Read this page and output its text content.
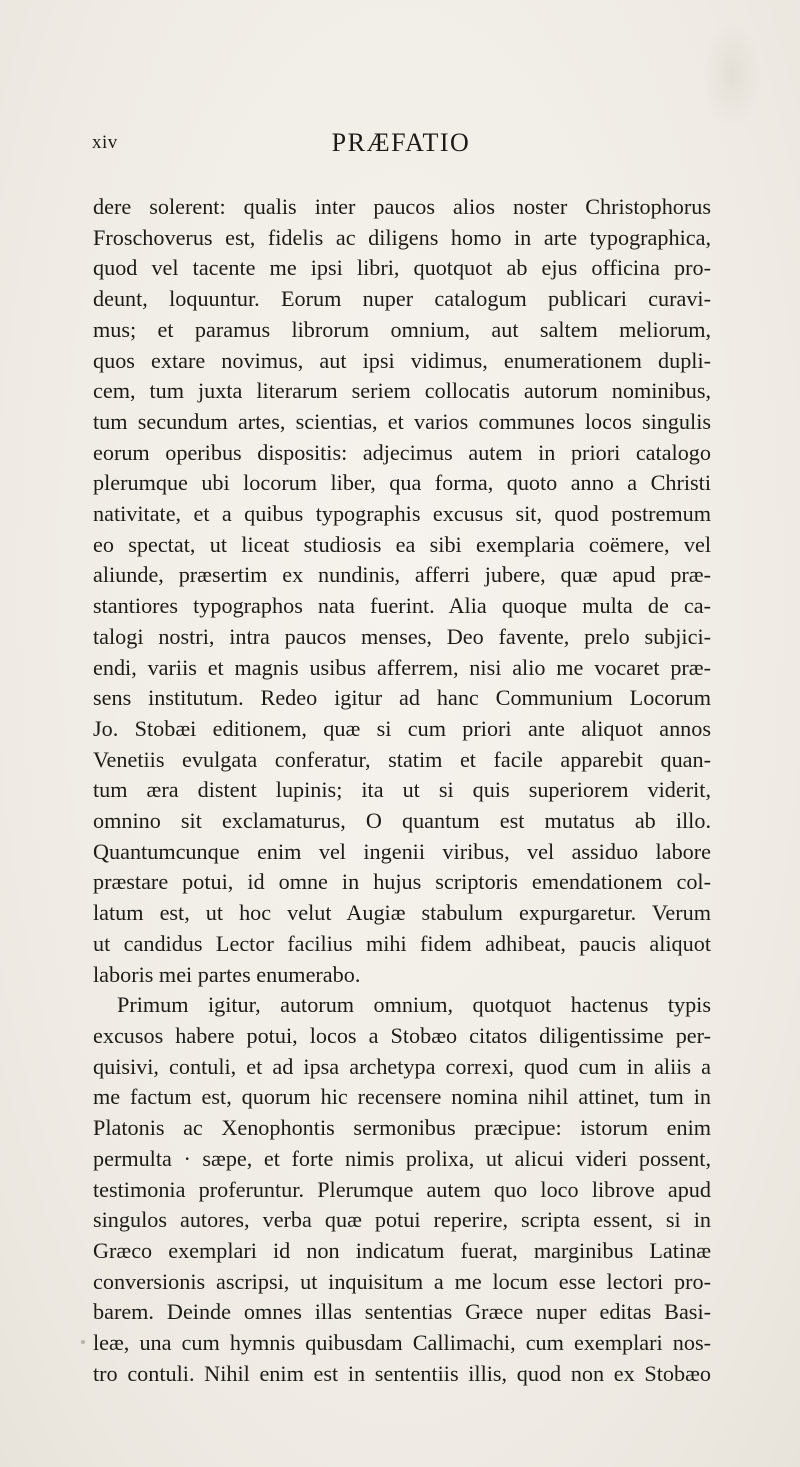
xiv	PRÆFATIO
dere solerent: qualis inter paucos alios noster Christophorus
Froschoverus est, fidelis ac diligens homo in arte typographica,
quod vel tacente me ipsi libri, quotquot ab ejus officina pro-
deunt, loquuntur. Eorum nuper catalogum publicari curavi-
mus; et paramus librorum omnium, aut saltem meliorum,
quos extare novimus, aut ipsi vidimus, enumerationem dupli-
cem, tum juxta literarum seriem collocatis autorum nominibus,
tum secundum artes, scientias, et varios communes locos singulis
eorum operibus dispositis: adjecimus autem in priori catalogo
plerumque ubi locorum liber, qua forma, quoto anno a Christi
nativitate, et a quibus typographis excusus sit, quod postremum
eo spectat, ut liceat studiosis ea sibi exemplaria coëmere, vel
aliunde, præsertim ex nundinis, afferri jubere, quæ apud præ-
stantiores typographos nata fuerint. Alia quoque multa de ca-
talogi nostri, intra paucos menses, Deo favente, prelo subjici-
endi, variis et magnis usibus afferrem, nisi alio me vocaret præ-
sens institutum. Redeo igitur ad hanc Communium Locorum
Jo. Stobæi editionem, quæ si cum priori ante aliquot annos
Venetiis evulgata conferatur, statim et facile apparebit quan-
tum æra distent lupinis; ita ut si quis superiorem viderit,
omnino sit exclamaturus, O quantum est mutatus ab illo.
Quantumcunque enim vel ingenii viribus, vel assiduo labore
præstare potui, id omne in hujus scriptoris emendationem col-
latum est, ut hoc velut Augiæ stabulum expurgaretur. Verum
ut candidus Lector facilius mihi fidem adhibeat, paucis aliquot
laboris mei partes enumerabo.
Primum igitur, autorum omnium, quotquot hactenus typis
excusos habere potui, locos a Stobæo citatos diligentissime per-
quisivi, contuli, et ad ipsa archetypa correxi, quod cum in aliis a
me factum est, quorum hic recensere nomina nihil attinet, tum in
Platonis ac Xenophontis sermonibus præcipue: istorum enim
permulta · sæpe, et forte nimis prolixa, ut alicui videri possent,
testimonia proferuntur. Plerumque autem quo loco librove apud
singulos autores, verba quæ potui reperire, scripta essent, si in
Græco exemplari id non indicatum fuerat, marginibus Latinæ
conversionis ascripsi, ut inquisitum a me locum esse lectori pro-
barem. Deinde omnes illas sententias Græce nuper editas Basi-
leæ, una cum hymnis quibusdam Callimachi, cum exemplari nos-
tro contuli. Nihil enim est in sententiis illis, quod non ex Stobæo
